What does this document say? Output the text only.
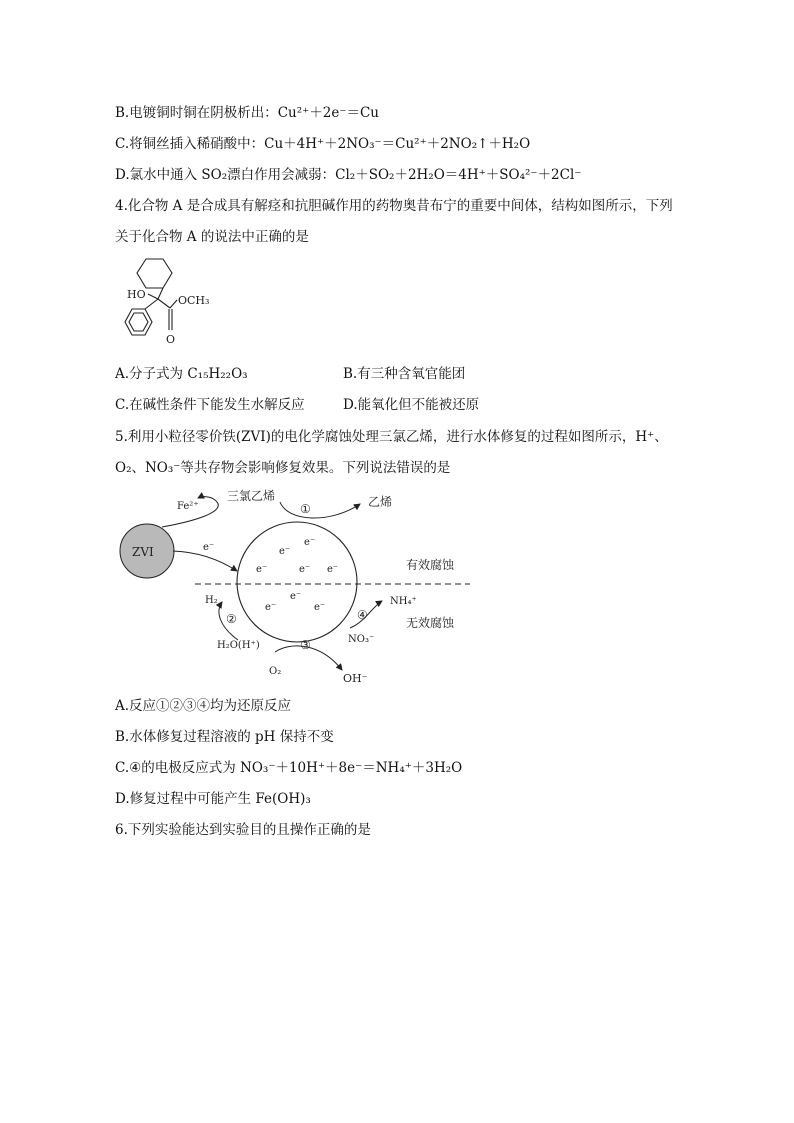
B.电镀铜时铜在阴极析出：Cu²⁺＋2e⁻＝Cu

C.将铜丝插入稀硝酸中：Cu＋4H⁺＋2NO₃⁻＝Cu²⁺＋2NO₂↑＋H₂O

D.氯水中通入 SO₂漂白作用会减弱：Cl₂＋SO₂＋2H₂O＝4H⁺＋SO₄²⁻＋2Cl⁻

4.化合物 A 是合成具有解痉和抗胆碱作用的药物奥昔布宁的重要中间体，结构如图所示，下列

关于化合物 A 的说法中正确的是

HO	OCH₃
O

A.分子式为 C₁₅H₂₂O₃	B.有三种含氧官能团

C.在碱性条件下能发生水解反应	D.能氧化但不能被还原

5.利用小粒径零价铁(ZVI)的电化学腐蚀处理三氯乙烯，进行水体修复的过程如图所示，H⁺、

O₂、NO₃⁻等共存物会影响修复效果。下列说法错误的是

ZVI
Fe²⁺
e⁻	e⁻
e⁻
e⁻	e⁻ e⁻
e⁻
e⁻	e⁻
有效腐蚀
无效腐蚀
三氯乙烯
①	乙烯
H₂
②
H₂O(H⁺)	③
O₂
OH⁻
④
NH₄⁺
NO₃⁻

A.反应①②③④均为还原反应

B.水体修复过程溶液的 pH 保持不变

C.④的电极反应式为 NO₃⁻＋10H⁺＋8e⁻＝NH₄⁺＋3H₂O

D.修复过程中可能产生 Fe(OH)₃

6.下列实验能达到实验目的且操作正确的是
